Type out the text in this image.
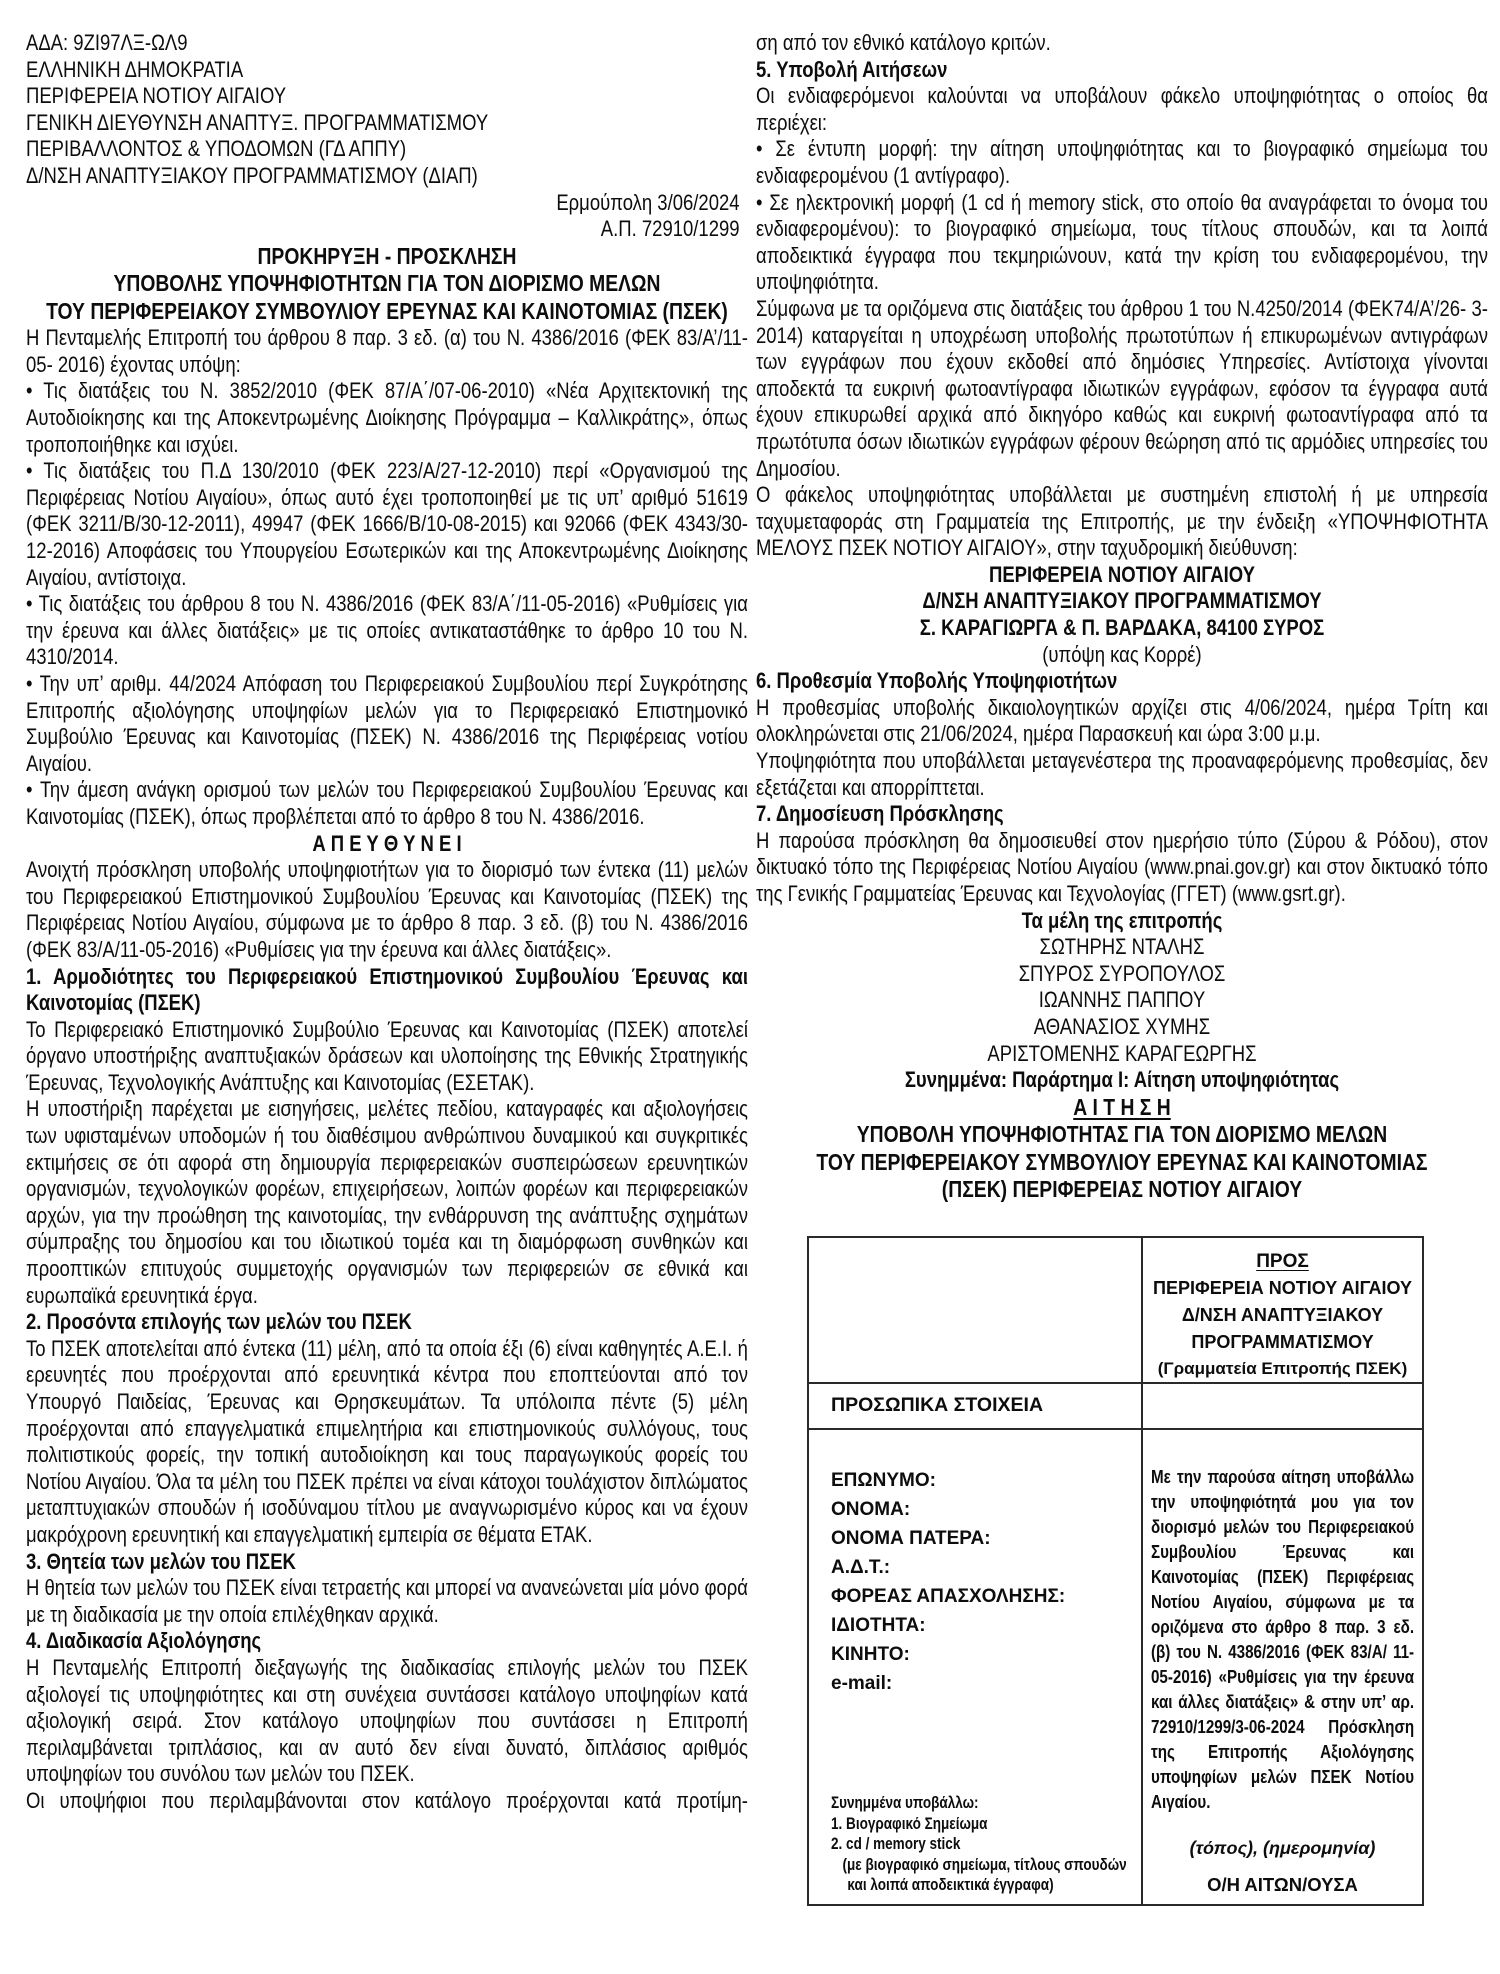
ΑΔΑ: 9ΖΙ97ΛΞ-ΩΛ9

ΕΛΛΗΝΙΚΗ ΔΗΜΟΚΡΑΤΙΑ

ΠΕΡΙΦΕΡΕΙΑ ΝΟΤΙΟΥ ΑΙΓΑΙΟΥ

ΓΕΝΙΚΗ ΔΙΕΥΘΥΝΣΗ ΑΝΑΠΤΥΞ. ΠΡΟΓΡΑΜΜΑΤΙΣΜΟΥ

ΠΕΡΙΒΑΛΛΟΝΤΟΣ & ΥΠΟΔΟΜΩΝ (ΓΔ ΑΠΠΥ)

Δ/ΝΣΗ ΑΝΑΠΤΥΞΙΑΚΟΥ ΠΡΟΓΡΑΜΜΑΤΙΣΜΟΥ (ΔΙΑΠ)

Ερμούπολη 3/06/2024

Α.Π. 72910/1299

ΠΡΟΚΗΡΥΞΗ - ΠΡΟΣΚΛΗΣΗ

ΥΠΟΒΟΛΗΣ ΥΠΟΨΗΦΙΟΤΗΤΩΝ ΓΙΑ ΤΟΝ ΔΙΟΡΙΣΜΟ ΜΕΛΩΝ

ΤΟΥ ΠΕΡΙΦΕΡΕΙΑΚΟΥ ΣΥΜΒΟΥΛΙΟΥ ΕΡΕΥΝΑΣ ΚΑΙ ΚΑΙΝΟΤΟΜΙΑΣ (ΠΣΕΚ)

Η Πενταμελής Επιτροπή του άρθρου 8 παρ. 3 εδ. (α) του Ν. 4386/2016 (ΦΕΚ 83/Α’/11-05- 2016) έχοντας υπόψη:

• Τις διατάξεις του Ν. 3852/2010 (ΦΕΚ 87/Α΄/07-06-2010) «Νέα Αρχιτεκτονική της Αυτοδιοίκησης και της Αποκεντρωμένης Διοίκησης Πρόγραμμα – Καλλικράτης», όπως τροποποιήθηκε και ισχύει.

• Τις διατάξεις του Π.Δ 130/2010 (ΦΕΚ 223/Α/27-12-2010) περί «Οργανισμού της Περιφέρειας Νοτίου Αιγαίου», όπως αυτό έχει τροποποιηθεί με τις υπ’ αριθμό 51619 (ΦΕΚ 3211/Β/30-12-2011), 49947 (ΦΕΚ 1666/Β/10-08-2015) και 92066 (ΦΕΚ 4343/30-12-2016) Αποφάσεις του Υπουργείου Εσωτερικών και της Αποκεντρωμένης Διοίκησης Αιγαίου, αντίστοιχα.

• Τις διατάξεις του άρθρου 8 του Ν. 4386/2016 (ΦΕΚ 83/Α΄/11-05-2016) «Ρυθμίσεις για την έρευνα και άλλες διατάξεις» με τις οποίες αντικαταστάθηκε το άρθρο 10 του Ν. 4310/2014.

• Την υπ’ αριθμ. 44/2024 Απόφαση του Περιφερειακού Συμβουλίου περί Συγκρότησης Επιτροπής αξιολόγησης υποψηφίων μελών για το Περιφερειακό Επιστημονικό Συμβούλιο Έρευνας και Καινοτομίας (ΠΣΕΚ) Ν. 4386/2016 της Περιφέρειας νοτίου Αιγαίου.

• Την άμεση ανάγκη ορισμού των μελών του Περιφερειακού Συμβουλίου Έρευνας και Καινοτομίας (ΠΣΕΚ), όπως προβλέπεται από το άρθρο 8 του Ν. 4386/2016.

Α Π Ε Υ Θ Υ Ν Ε Ι

Ανοιχτή πρόσκληση υποβολής υποψηφιοτήτων για το διορισμό των έντεκα (11) μελών του Περιφερειακού Επιστημονικού Συμβουλίου Έρευνας και Καινοτομίας (ΠΣΕΚ) της Περιφέρειας Νοτίου Αιγαίου, σύμφωνα με το άρθρο 8 παρ. 3 εδ. (β) του Ν. 4386/2016 (ΦΕΚ 83/Α/11-05-2016) «Ρυθμίσεις για την έρευνα και άλλες διατάξεις».

1. Αρμοδιότητες του Περιφερειακού Επιστημονικού Συμβουλίου Έρευνας και Καινοτομίας (ΠΣΕΚ)

Το Περιφερειακό Επιστημονικό Συμβούλιο Έρευνας και Καινοτομίας (ΠΣΕΚ) αποτελεί όργανο υποστήριξης αναπτυξιακών δράσεων και υλοποίησης της Εθνικής Στρατηγικής Έρευνας, Τεχνολογικής Ανάπτυξης και Καινοτομίας (ΕΣΕΤΑΚ).

Η υποστήριξη παρέχεται με εισηγήσεις, μελέτες πεδίου, καταγραφές και αξιολογήσεις των υφισταμένων υποδομών ή του διαθέσιμου ανθρώπινου δυναμικού και συγκριτικές εκτιμήσεις σε ότι αφορά στη δημιουργία περιφερειακών συσπειρώσεων ερευνητικών οργανισμών, τεχνολογικών φορέων, επιχειρήσεων, λοιπών φορέων και περιφερειακών αρχών, για την προώθηση της καινοτομίας, την ενθάρρυνση της ανάπτυξης σχημάτων σύμπραξης του δημοσίου και του ιδιωτικού τομέα και τη διαμόρφωση συνθηκών και προοπτικών επιτυχούς συμμετοχής οργανισμών των περιφερειών σε εθνικά και ευρωπαϊκά ερευνητικά έργα.

2. Προσόντα επιλογής των μελών του ΠΣΕΚ

Το ΠΣΕΚ αποτελείται από έντεκα (11) μέλη, από τα οποία έξι (6) είναι καθηγητές Α.Ε.Ι. ή ερευνητές που προέρχονται από ερευνητικά κέντρα που εποπτεύονται από τον Υπουργό Παιδείας, Έρευνας και Θρησκευμάτων. Τα υπόλοιπα πέντε (5) μέλη προέρχονται από επαγγελματικά επιμελητήρια και επιστημονικούς συλλόγους, τους πολιτιστικούς φορείς, την τοπική αυτοδιοίκηση και τους παραγωγικούς φορείς του Νοτίου Αιγαίου. Όλα τα μέλη του ΠΣΕΚ πρέπει να είναι κάτοχοι τουλάχιστον διπλώματος μεταπτυχιακών σπουδών ή ισοδύναμου τίτλου με αναγνωρισμένο κύρος και να έχουν μακρόχρονη ερευνητική και επαγγελματική εμπειρία σε θέματα ΕΤΑΚ.

3. Θητεία των μελών του ΠΣΕΚ

Η θητεία των μελών του ΠΣΕΚ είναι τετραετής και μπορεί να ανανεώνεται μία μόνο φορά με τη διαδικασία με την οποία επιλέχθηκαν αρχικά.

4. Διαδικασία Αξιολόγησης

Η Πενταμελής Επιτροπή διεξαγωγής της διαδικασίας επιλογής μελών του ΠΣΕΚ αξιολογεί τις υποψηφιότητες και στη συνέχεια συντάσσει κατάλογο υποψηφίων κατά αξιολογική σειρά. Στον κατάλογο υποψηφίων που συντάσσει η Επιτροπή περιλαμβάνεται τριπλάσιος, και αν αυτό δεν είναι δυνατό, διπλάσιος αριθμός υποψηφίων του συνόλου των μελών του ΠΣΕΚ.

Οι υποψήφιοι που περιλαμβάνονται στον κατάλογο προέρχονται κατά προτίμη-

ση από τον εθνικό κατάλογο κριτών.

5. Υποβολή Αιτήσεων

Οι ενδιαφερόμενοι καλούνται να υποβάλουν φάκελο υποψηφιότητας ο οποίος θα περιέχει:

• Σε έντυπη μορφή: την αίτηση υποψηφιότητας και το βιογραφικό σημείωμα του ενδιαφερομένου (1 αντίγραφο).

• Σε ηλεκτρονική μορφή (1 cd ή memory stick, στο οποίο θα αναγράφεται το όνομα του ενδιαφερομένου): το βιογραφικό σημείωμα, τους τίτλους σπουδών, και τα λοιπά αποδεικτικά έγγραφα που τεκμηριώνουν, κατά την κρίση του ενδιαφερομένου, την υποψηφιότητα.

Σύμφωνα με τα οριζόμενα στις διατάξεις του άρθρου 1 του Ν.4250/2014 (ΦΕΚ74/Α’/26- 3-2014) καταργείται η υποχρέωση υποβολής πρωτοτύπων ή επικυρωμένων αντιγράφων των εγγράφων που έχουν εκδοθεί από δημόσιες Υπηρεσίες. Αντίστοιχα γίνονται αποδεκτά τα ευκρινή φωτοαντίγραφα ιδιωτικών εγγράφων, εφόσον τα έγγραφα αυτά έχουν επικυρωθεί αρχικά από δικηγόρο καθώς και ευκρινή φωτοαντίγραφα από τα πρωτότυπα όσων ιδιωτικών εγγράφων φέρουν θεώρηση από τις αρμόδιες υπηρεσίες του Δημοσίου.

Ο φάκελος υποψηφιότητας υποβάλλεται με συστημένη επιστολή ή με υπηρεσία ταχυμεταφοράς στη Γραμματεία της Επιτροπής, με την ένδειξη «ΥΠΟΨΗΦΙΟΤΗΤΑ ΜΕΛΟΥΣ ΠΣΕΚ ΝΟΤΙΟΥ ΑΙΓΑΙΟΥ», στην ταχυδρομική διεύθυνση:

ΠΕΡΙΦΕΡΕΙΑ ΝΟΤΙΟΥ ΑΙΓΑΙΟΥ

Δ/ΝΣΗ ΑΝΑΠΤΥΞΙΑΚΟΥ ΠΡΟΓΡΑΜΜΑΤΙΣΜΟΥ

Σ. ΚΑΡΑΓΙΩΡΓΑ & Π. ΒΑΡΔΑΚΑ, 84100 ΣΥΡΟΣ

(υπόψη κας Κορρέ)

6. Προθεσμία Υποβολής Υποψηφιοτήτων

Η προθεσμίας υποβολής δικαιολογητικών αρχίζει στις 4/06/2024, ημέρα Τρίτη και ολοκληρώνεται στις 21/06/2024, ημέρα Παρασκευή και ώρα 3:00 μ.μ.

Υποψηφιότητα που υποβάλλεται μεταγενέστερα της προαναφερόμενης προθεσμίας, δεν εξετάζεται και απορρίπτεται.

7. Δημοσίευση Πρόσκλησης

Η παρούσα πρόσκληση θα δημοσιευθεί στον ημερήσιο τύπο (Σύρου & Ρόδου), στον δικτυακό τόπο της Περιφέρειας Νοτίου Αιγαίου (www.pnai.gov.gr) και στον δικτυακό τόπο της Γενικής Γραμματείας Έρευνας και Τεχνολογίας (ΓΓΕΤ) (www.gsrt.gr).

Τα μέλη της επιτροπής

ΣΩΤΗΡΗΣ ΝΤΑΛΗΣ

ΣΠΥΡΟΣ ΣΥΡΟΠΟΥΛΟΣ

ΙΩΑΝΝΗΣ ΠΑΠΠΟΥ

ΑΘΑΝΑΣΙΟΣ ΧΥΜΗΣ

ΑΡΙΣΤΟΜΕΝΗΣ ΚΑΡΑΓΕΩΡΓΗΣ

Συνημμένα: Παράρτημα Ι: Αίτηση υποψηφιότητας

Α Ι Τ Η Σ Η

ΥΠΟΒΟΛΗ ΥΠΟΨΗΦΙΟΤΗΤΑΣ ΓΙΑ ΤΟΝ ΔΙΟΡΙΣΜΟ ΜΕΛΩΝ

ΤΟΥ ΠΕΡΙΦΕΡΕΙΑΚΟΥ ΣΥΜΒΟΥΛΙΟΥ ΕΡΕΥΝΑΣ ΚΑΙ ΚΑΙΝΟΤΟΜΙΑΣ

(ΠΣΕΚ) ΠΕΡΙΦΕΡΕΙΑΣ ΝΟΤΙΟΥ ΑΙΓΑΙΟΥ

ΠΡΟΣ

ΠΕΡΙΦΕΡΕΙΑ ΝΟΤΙΟΥ ΑΙΓΑΙΟΥ

Δ/ΝΣΗ ΑΝΑΠΤΥΞΙΑΚΟΥ

ΠΡΟΓΡΑΜΜΑΤΙΣΜΟΥ

(Γραμματεία Επιτροπής ΠΣΕΚ)

ΠΡΟΣΩΠΙΚΑ ΣΤΟΙΧΕΙΑ

ΕΠΩΝΥΜΟ:

ΟΝΟΜΑ:

ΟΝΟΜΑ ΠΑΤΕΡΑ:

Α.Δ.Τ.:

ΦΟΡΕΑΣ ΑΠΑΣΧΟΛΗΣΗΣ:

ΙΔΙΟΤΗΤΑ:

ΚΙΝΗΤΟ:

e-mail:

Συνημμένα υποβάλλω:

1. Βιογραφικό Σημείωμα

2. cd / memory stick

(με βιογραφικό σημείωμα, τίτλους σπουδών

και λοιπά αποδεικτικά έγγραφα)

Με την παρούσα αίτηση υποβάλλω την υποψηφιότητά μου για τον διορισμό μελών του Περιφερειακού Συμβουλίου Έρευνας και Καινοτομίας (ΠΣΕΚ) Περιφέρειας Νοτίου Αιγαίου, σύμφωνα με τα οριζόμενα στο άρθρο 8 παρ. 3 εδ. (β) του Ν. 4386/2016 (ΦΕΚ 83/Α/ 11-05-2016) «Ρυθμίσεις για την έρευνα και άλλες διατάξεις» & στην υπ’ αρ. 72910/1299/3-06-2024 Πρόσκληση της Επιτροπής Αξιολόγησης υποψηφίων μελών ΠΣΕΚ Νοτίου Αιγαίου.

(τόπος), (ημερομηνία)

Ο/Η ΑΙΤΩΝ/ΟΥΣΑ
